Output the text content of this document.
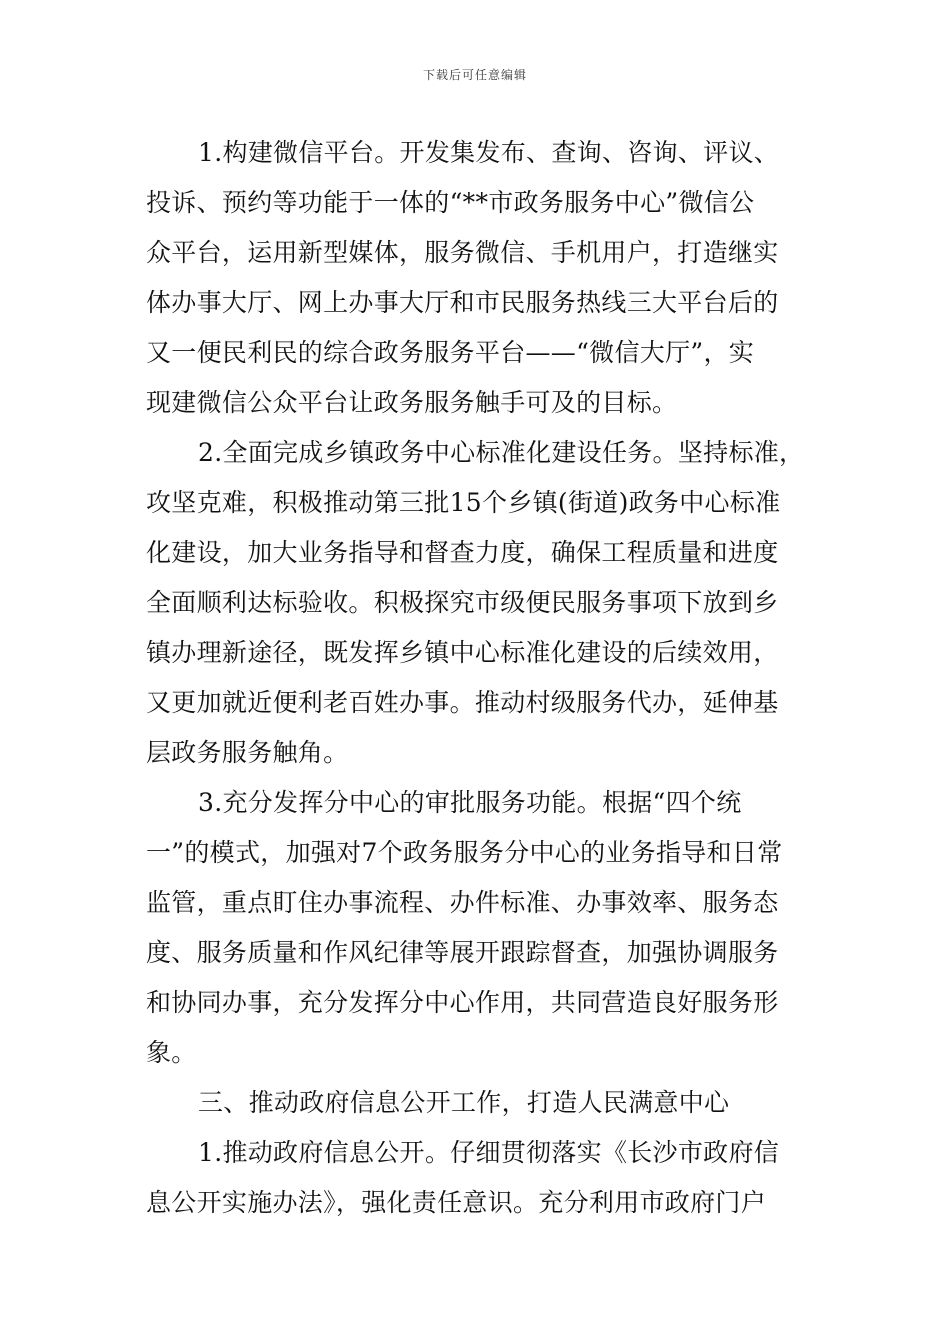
下载后可任意编辑
1.构建微信平台。开发集发布、查询、咨询、评议、
投诉、预约等功能于一体的“**市政务服务中心”微信公
众平台，运用新型媒体，服务微信、手机用户，打造继实
体办事大厅、网上办事大厅和市民服务热线三大平台后的
又一便民利民的综合政务服务平台——“微信大厅”，实
现建微信公众平台让政务服务触手可及的目标。
2.全面完成乡镇政务中心标准化建设任务。坚持标准，
攻坚克难，积极推动第三批15个乡镇(街道)政务中心标准
化建设，加大业务指导和督查力度，确保工程质量和进度
全面顺利达标验收。积极探究市级便民服务事项下放到乡
镇办理新途径，既发挥乡镇中心标准化建设的后续效用，
又更加就近便利老百姓办事。推动村级服务代办，延伸基
层政务服务触角。
3.充分发挥分中心的审批服务功能。根据“四个统
一”的模式，加强对7个政务服务分中心的业务指导和日常
监管，重点盯住办事流程、办件标准、办事效率、服务态
度、服务质量和作风纪律等展开跟踪督查，加强协调服务
和协同办事，充分发挥分中心作用，共同营造良好服务形
象。
三、推动政府信息公开工作，打造人民满意中心
1.推动政府信息公开。仔细贯彻落实《长沙市政府信
息公开实施办法》，强化责任意识。充分利用市政府门户
